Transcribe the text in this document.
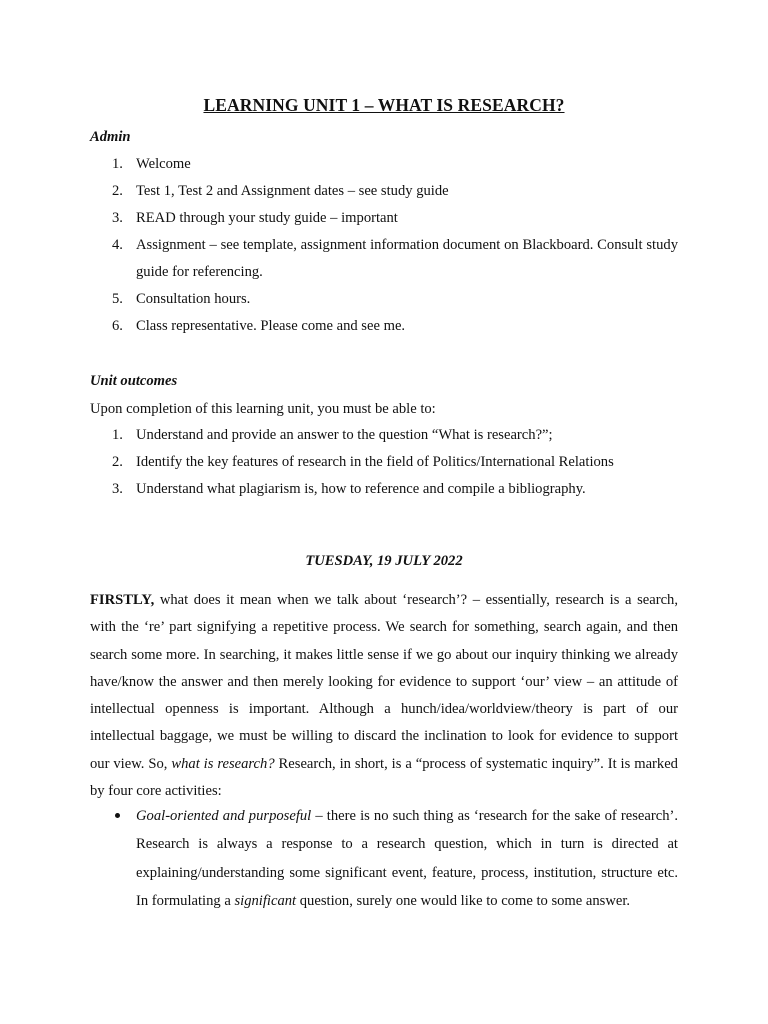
LEARNING UNIT 1 – WHAT IS RESEARCH?
Admin
1. Welcome
2. Test 1, Test 2 and Assignment dates – see study guide
3. READ through your study guide – important
4. Assignment – see template, assignment information document on Blackboard. Consult study guide for referencing.
5. Consultation hours.
6. Class representative. Please come and see me.
Unit outcomes
Upon completion of this learning unit, you must be able to:
1. Understand and provide an answer to the question “What is research?”;
2. Identify the key features of research in the field of Politics/International Relations
3. Understand what plagiarism is, how to reference and compile a bibliography.
TUESDAY, 19 JULY 2022
FIRSTLY, what does it mean when we talk about ‘research’? – essentially, research is a search, with the ‘re’ part signifying a repetitive process. We search for something, search again, and then search some more. In searching, it makes little sense if we go about our inquiry thinking we already have/know the answer and then merely looking for evidence to support ‘our’ view – an attitude of intellectual openness is important. Although a hunch/idea/worldview/theory is part of our intellectual baggage, we must be willing to discard the inclination to look for evidence to support our view. So, what is research? Research, in short, is a “process of systematic inquiry”. It is marked by four core activities:
Goal-oriented and purposeful – there is no such thing as ‘research for the sake of research’. Research is always a response to a research question, which in turn is directed at explaining/understanding some significant event, feature, process, institution, structure etc. In formulating a significant question, surely one would like to come to some answer.
